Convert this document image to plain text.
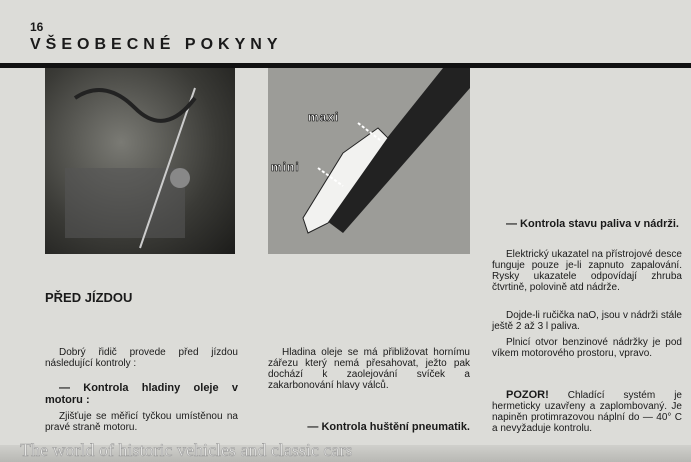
16
VŠEOBECNÉ POKYNY
maxi
mini
PŘED JÍZDOU

Dobrý řidič provede před jízdou následující kontroly :

— Kontrola hladiny oleje v motoru :

Zjišťuje se měřicí tyčkou umístěnou na pravé straně motoru.

Hladina oleje se má přibližovat hornímu zářezu který nemá přesahovat, ježto pak dochází k zaolejování svíček a zakarbonování hlavy válců.

— Kontrola huštění pneumatik.

— Kontrola stavu paliva v nádrži.

Elektrický ukazatel na přístrojové desce funguje pouze je-li zapnuto zapalování. Rysky ukazatele odpovídají zhruba čtvrtině, polovině atd nádrže.

Dojde-li ručička naO, jsou v nádrži stále ještě 2 až 3 l paliva.

Plnicí otvor benzinové nádržky je pod víkem motorového prostoru, vpravo.

POZOR! Chladící systém je hermeticky uzavřeny a zaplombovaný. Je napiněn protimrazovou náplní do — 40° C a nevyžaduje kontrolu.

The world of historic vehicles and classic cars
